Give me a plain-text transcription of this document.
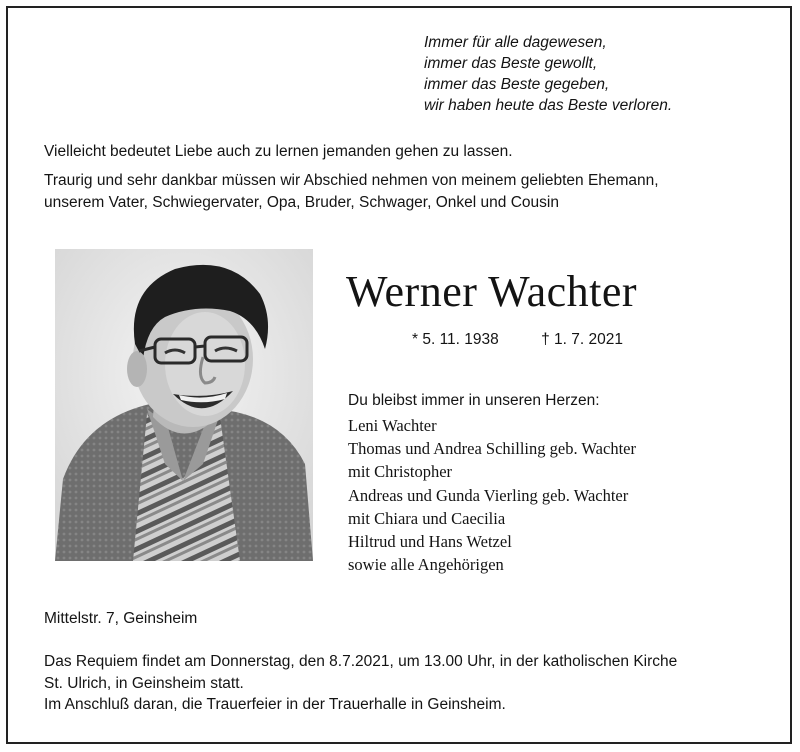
Immer für alle dagewesen,
immer das Beste gewollt,
immer das Beste gegeben,
wir haben heute das Beste verloren.
Vielleicht bedeutet Liebe auch zu lernen jemanden gehen zu lassen.
Traurig und sehr dankbar müssen wir Abschied nehmen von meinem geliebten Ehemann,
unserem Vater, Schwiegervater, Opa, Bruder, Schwager, Onkel und Cousin
Werner Wachter
* 5. 11. 1938	† 1. 7. 2021
Du bleibst immer in unseren Herzen:
Leni Wachter
Thomas und Andrea Schilling geb. Wachter
mit Christopher
Andreas und Gunda Vierling geb. Wachter
mit Chiara und Caecilia
Hiltrud und Hans Wetzel
sowie alle Angehörigen
Mittelstr. 7, Geinsheim
Das Requiem findet am Donnerstag, den 8.7.2021, um 13.00 Uhr, in der katholischen Kirche
St. Ulrich, in Geinsheim statt.
Im Anschluß daran, die Trauerfeier in der Trauerhalle in Geinsheim.
